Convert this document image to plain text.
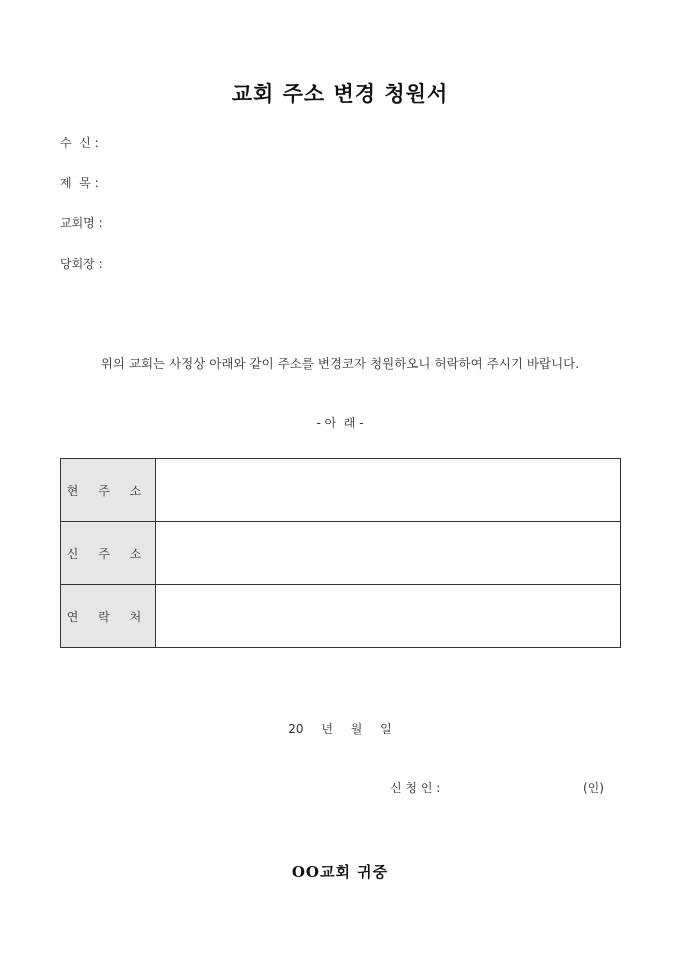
교회 주소 변경 청원서
수  신 :
제  목 :
교회명 :
당회장 :
위의 교회는 사정상 아래와 같이 주소를 변경코자 청원하오니 허락하여 주시기 바랍니다.
- 아  래 -
현 주 소	
신 주 소	
연 락 처	
20 년 월 일
신 청 인 :	(인)
OO교회 귀중
